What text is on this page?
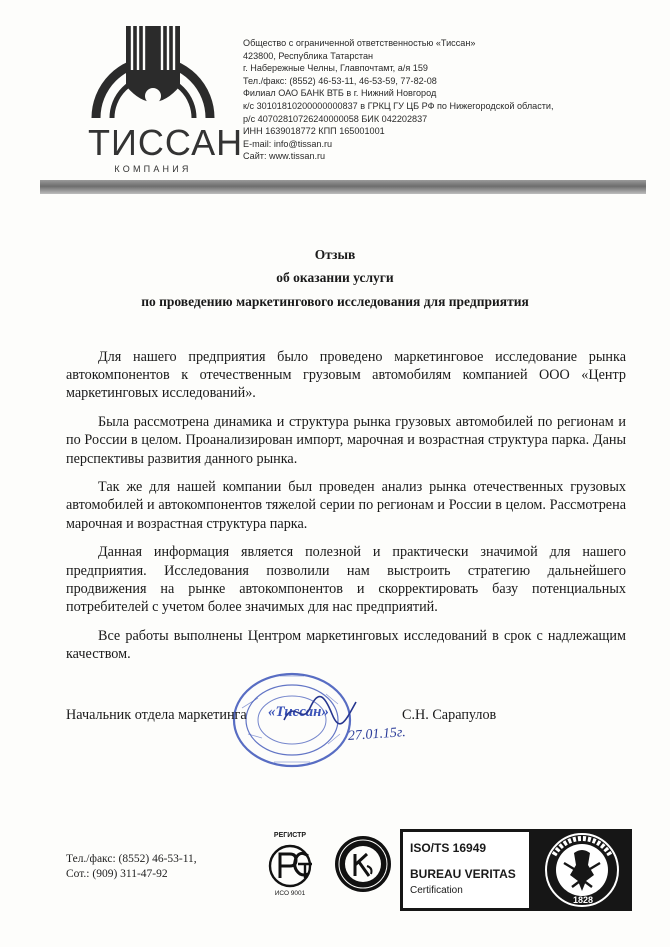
ТИССАН
КОМПАНИЯ
Общество с ограниченной ответственностью «Тиссан»
423800, Республика Татарстан
г. Набережные Челны, Главпочтамт, а/я 159
Тел./факс: (8552) 46-53-11, 46-53-59, 77-82-08
Филиал ОАО БАНК ВТБ в г. Нижний Новгород
к/с 30101810200000000837 в ГРКЦ ГУ ЦБ РФ по Нижегородской области,
р/с 40702810726240000058 БИК 042202837
ИНН 1639018772 КПП 165001001
E-mail: info@tissan.ru
Сайт: www.tissan.ru
Отзыв
об оказании услуги
по проведению маркетингового исследования для предприятия

Для нашего предприятия было проведено маркетинговое исследование рынка автокомпонентов к отечественным грузовым автомобилям компанией ООО «Центр маркетинговых исследований».

Была рассмотрена динамика и структура рынка грузовых автомобилей по регионам и по России в целом. Проанализирован импорт, марочная и возрастная структура парка. Даны перспективы развития данного рынка.

Так же для нашей компании был проведен анализ рынка отечественных грузовых автомобилей и автокомпонентов тяжелой серии по регионам и России в целом. Рассмотрена марочная и возрастная структура парка.

Данная информация является полезной и практически значимой для нашего предприятия. Исследования позволили нам выстроить стратегию дальнейшего продвижения на рынке автокомпонентов и скорректировать базу потенциальных потребителей с учетом более значимых для нас предприятий.

Все работы выполнены Центром маркетинговых исследований в срок с надлежащим качеством.

«Тиссан»
27.01.15г.
Начальник отдела маркетинга	С.Н. Сарапулов
Тел./факс: (8552) 46-53-11,
Сот.: (909) 311-47-92
РЕГИСТР
ИСО 9001
ISO/TS 16949
BUREAU VERITAS
Certification
1828
